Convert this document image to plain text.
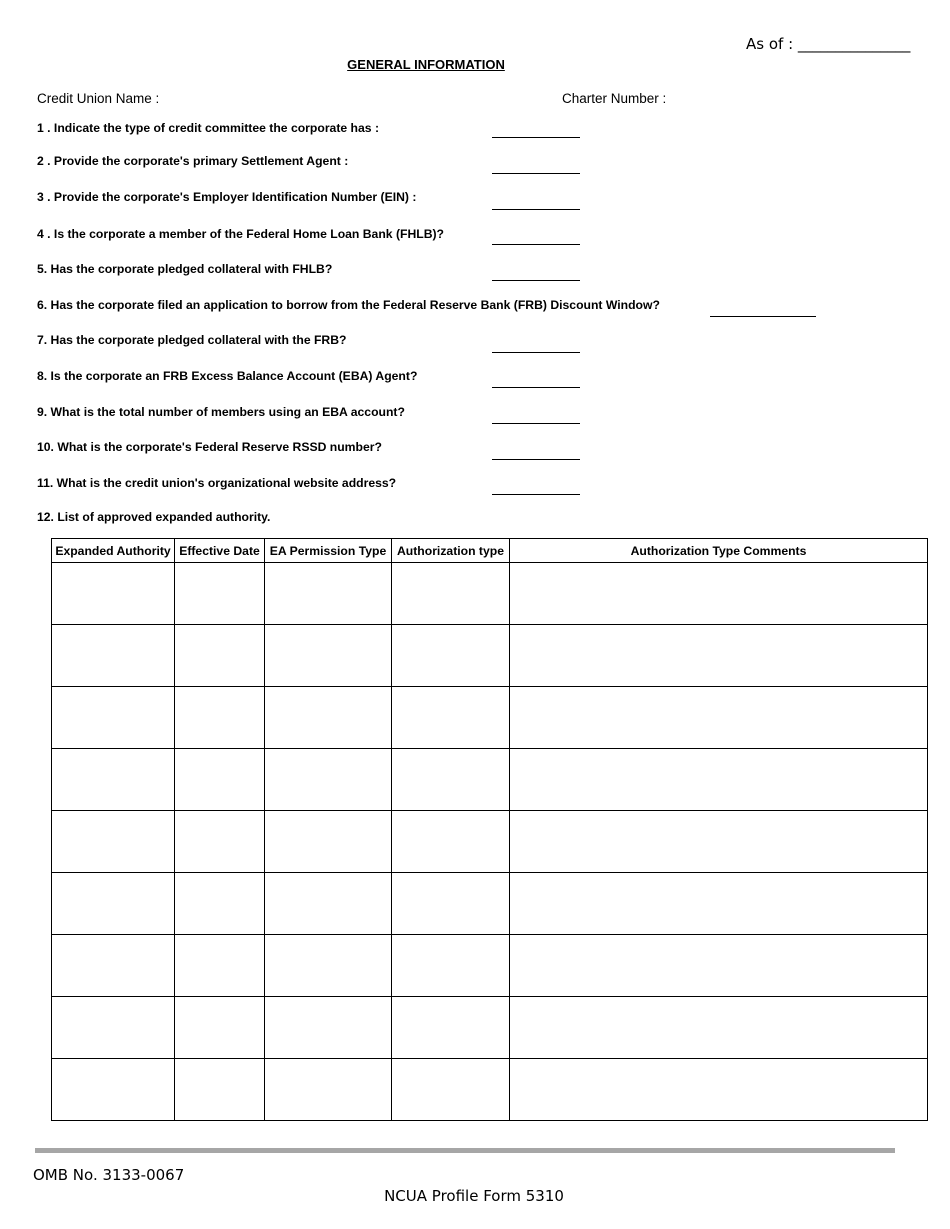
As of : _______________
GENERAL INFORMATION
Credit Union Name :	Charter Number :
1 . Indicate the type of credit committee the corporate has :
2 . Provide the corporate's primary Settlement Agent :
3 . Provide the corporate's Employer Identification Number (EIN) :
4 . Is the corporate a member of the Federal Home Loan Bank (FHLB)?
5. Has the corporate pledged collateral with FHLB?
6. Has the corporate filed an application to borrow from the Federal Reserve Bank (FRB) Discount Window?
7. Has the corporate pledged collateral with the FRB?
8. Is the corporate an FRB Excess Balance Account (EBA) Agent?
9. What is the total number of members using an EBA account?
10. What is the corporate's Federal Reserve RSSD number?
11. What is the credit union's organizational website address?
12. List of approved expanded authority.
Expanded Authority	Effective Date	EA Permission Type	Authorization type	Authorization Type Comments

OMB No. 3133-0067
NCUA Profile Form 5310
